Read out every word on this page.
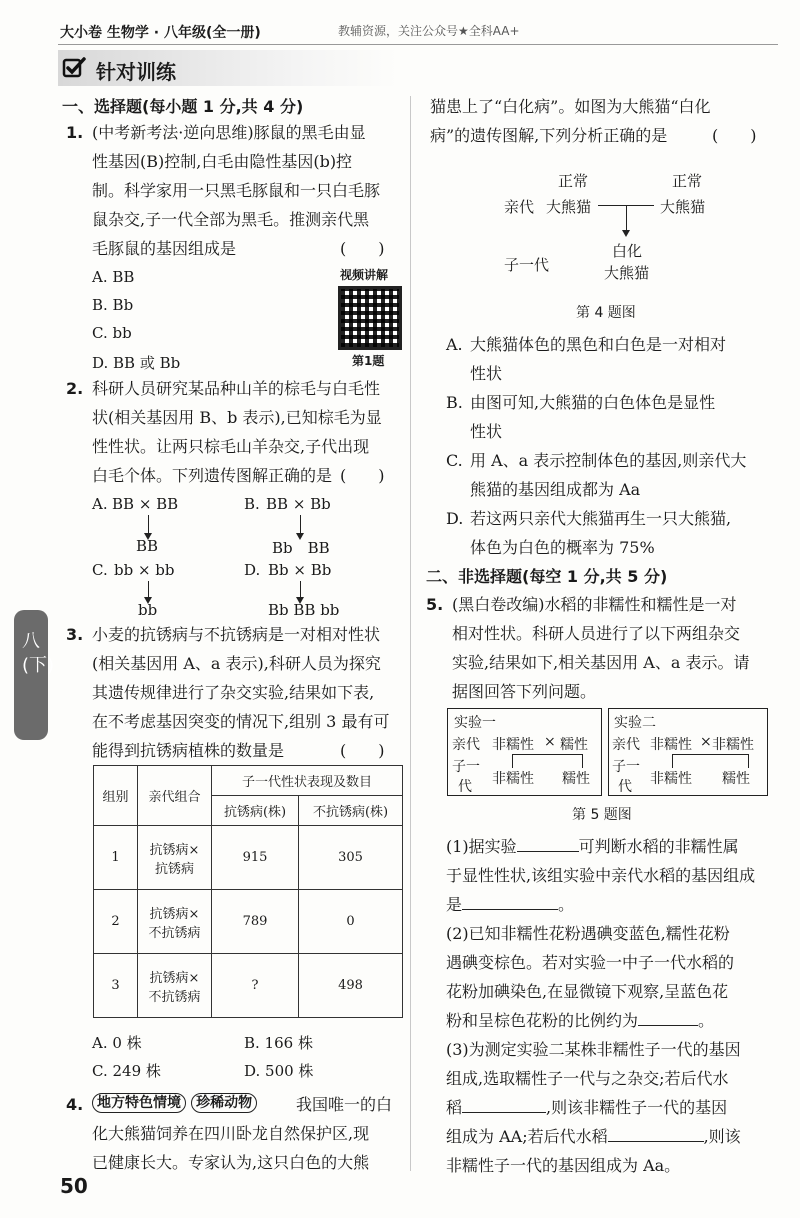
大小卷 生物学 · 八年级(全一册)	教辅资源，关注公众号★全科AA+
针对训练
八(下)
一、选择题(每小题 1 分,共 4 分)
1. (中考新考法·逆向思维)豚鼠的黑毛由显
性基因(B)控制,白毛由隐性基因(b)控
制。科学家用一只黑毛豚鼠和一只白毛豚
鼠杂交,子一代全部为黑毛。推测亲代黑
毛豚鼠的基因组成是	(　　)
A. BB
B. Bb
C. bb
D. BB 或 Bb
视频讲解
第1题
2. 科研人员研究某品种山羊的棕毛与白毛性
状(相关基因用 B、b 表示),已知棕毛为显
性性状。让两只棕毛山羊杂交,子代出现
白毛个体。下列遗传图解正确的是 (　　)
A. BB × BB
BB
B. BB × Bb
Bb　BB
C. bb × bb
bb
D. Bb × Bb
Bb BB bb
3. 小麦的抗锈病与不抗锈病是一对相对性状
(相关基因用 A、a 表示),科研人员为探究
其遗传规律进行了杂交实验,结果如下表,
在不考虑基因突变的情况下,组别 3 最有可
能得到抗锈病植株的数量是	(　　)
组别	亲代组合	子一代性状表现及数目	
		抗锈病(株)	不抗锈病(株)
1	抗锈病×
抗锈病	915	305
2	抗锈病×
不抗锈病	789	0
3	抗锈病×
不抗锈病	?	498
A. 0 株	B. 166 株
C. 249 株	D. 500 株
4. 地方特色情境 珍稀动物	我国唯一的白
化大熊猫饲养在四川卧龙自然保护区,现
已健康长大。专家认为,这只白色的大熊
50
猫患上了“白化病”。如图为大熊猫“白化
病”的遗传图解,下列分析正确的是	(　　)
正常	正常
亲代 大熊猫	大熊猫
白化
子一代	大熊猫
第 4 题图
A. 大熊猫体色的黑色和白色是一对相对
性状
B. 由图可知,大熊猫的白色体色是显性
性状
C. 用 A、a 表示控制体色的基因,则亲代大
熊猫的基因组成都为 Aa
D. 若这两只亲代大熊猫再生一只大熊猫,
体色为白色的概率为 75%
二、非选择题(每空 1 分,共 5 分)
5. (黑白卷改编)水稻的非糯性和糯性是一对
相对性状。科研人员进行了以下两组杂交
实验,结果如下,相关基因用 A、a 表示。请
据图回答下列问题。
实验一
亲代 非糯性 × 糯性
子一
代 非糯性 糯性
实验二
亲代 非糯性 × 非糯性
子一
代 非糯性 糯性
第 5 题图
(1)据实验	可判断水稻的非糯性属
于显性性状,该组实验中亲代水稻的基因组成
是	。
(2)已知非糯性花粉遇碘变蓝色,糯性花粉
遇碘变棕色。若对实验一中子一代水稻的
花粉加碘染色,在显微镜下观察,呈蓝色花
粉和呈棕色花粉的比例约为	。
(3)为测定实验二某株非糯性子一代的基因
组成,选取糯性子一代与之杂交;若后代水
稻	,则该非糯性子一代的基因
组成为 AA;若后代水稻	,则该
非糯性子一代的基因组成为 Aa。
